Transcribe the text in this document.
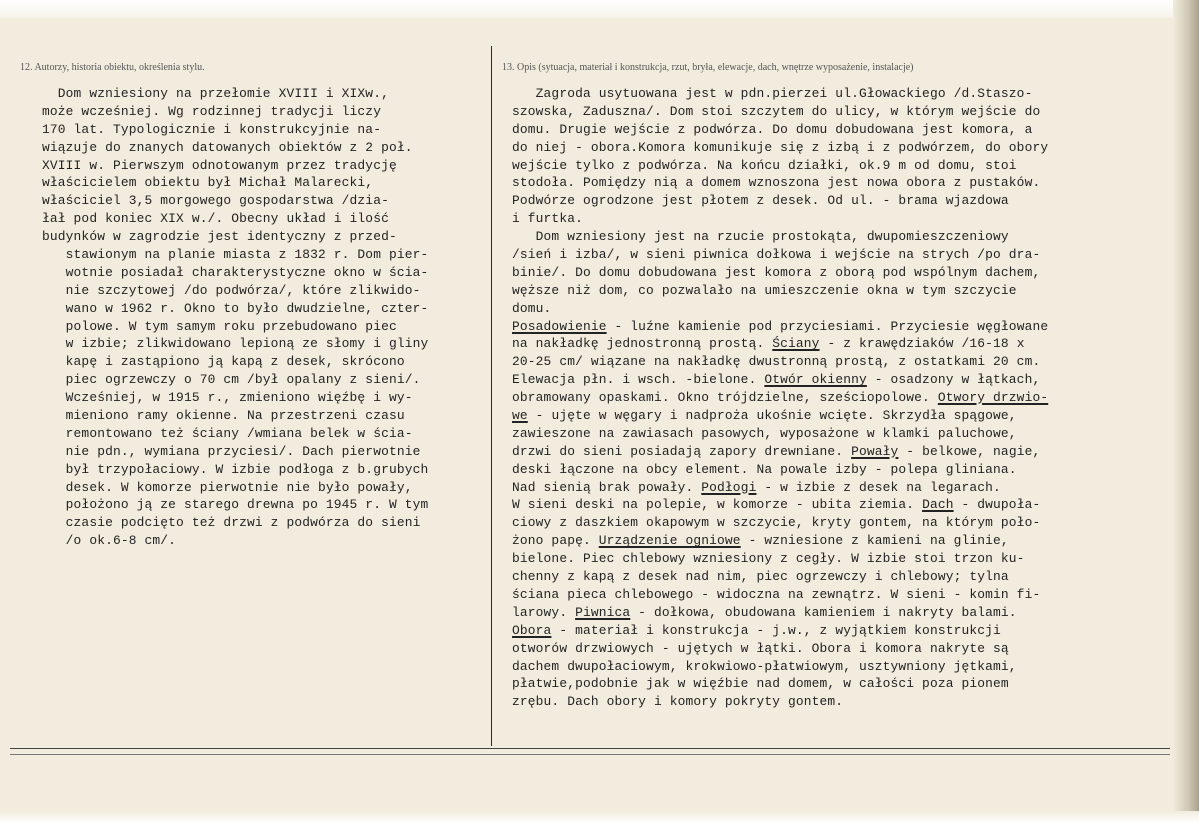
12. Autorzy, historia obiektu, określenia stylu.	13. Opis (sytuacja, materiał i konstrukcja, rzut, bryła, elewacje, dach, wnętrze wyposażenie, instalacje)
Dom wzniesiony na przełomie XVIII i XIXw.,
może wcześniej. Wg rodzinnej tradycji liczy
170 lat. Typologicznie i konstrukcyjnie na-
wiązuje do znanych datowanych obiektów z 2 poł.
XVIII w. Pierwszym odnotowanym przez tradycję
właścicielem obiektu był Michał Malarecki,
właściciel 3,5 morgowego gospodarstwa /dzia-
łał pod koniec XIX w./. Obecny układ i ilość
budynków w zagrodzie jest identyczny z przed-
stawionym na planie miasta z 1832 r. Dom pier-
wotnie posiadał charakterystyczne okno w ścia-
nie szczytowej /do podwórza/, które zlikwido-
wano w 1962 r. Okno to było dwudzielne, czter-
polowe. W tym samym roku przebudowano piec
w izbie; zlikwidowano lepioną ze słomy i gliny
kapę i zastąpiono ją kapą z desek, skrócono
piec ogrzewczy o 70 cm /był opalany z sieni/.
Wcześniej, w 1915 r., zmieniono więźbę i wy-
mieniono ramy okienne. Na przestrzeni czasu
remontowano też ściany /wmiana belek w ścia-
nie pdn., wymiana przyciesi/. Dach pierwotnie
był trzypołaciowy. W izbie podłoga z b.grubych
desek. W komorze pierwotnie nie było powały,
położono ją ze starego drewna po 1945 r. W tym
czasie podcięto też drzwi z podwórza do sieni
/o ok.6-8 cm/.
Zagroda usytuowana jest w pdn.pierzei ul.Głowackiego /d.Staszo-
szowska, Zaduszna/. Dom stoi szczytem do ulicy, w którym wejście do
domu. Drugie wejście z podwórza. Do domu dobudowana jest komora, a
do niej - obora.Komora komunikuje się z izbą i z podwórzem, do obory
wejście tylko z podwórza. Na końcu działki, ok.9 m od domu, stoi
stodoła. Pomiędzy nią a domem wznoszona jest nowa obora z pustaków.
Podwórze ogrodzone jest płotem z desek. Od ul. - brama wjazdowa
i furtka.
Dom wzniesiony jest na rzucie prostokąta, dwupomieszczeniowy
/sień i izba/, w sieni piwnica dołkowa i wejście na strych /po dra-
binie/. Do domu dobudowana jest komora z oborą pod wspólnym dachem,
węższe niż dom, co pozwalało na umieszczenie okna w tym szczycie
domu.
Posadowienie - luźne kamienie pod przyciesiami. Przyciesie węgłowane
na nakładkę jednostronną prostą. Ściany - z krawędziaków /16-18 x
20-25 cm/ wiązane na nakładkę dwustronną prostą, z ostatkami 20 cm.
Elewacja płn. i wsch. -bielone. Otwór okienny - osadzony w łątkach,
obramowany opaskami. Okno trójdzielne, sześciopolowe. Otwory drzwio-
we - ujęte w węgary i nadproża ukośnie wcięte. Skrzydła spągowe,
zawieszone na zawiasach pasowych, wyposażone w klamki paluchowe,
drzwi do sieni posiadają zapory drewniane. Powały - belkowe, nagie,
deski łączone na obcy element. Na powale izby - polepa gliniana.
Nad sienią brak powały. Podłogi - w izbie z desek na legarach.
W sieni deski na polepie, w komorze - ubita ziemia. Dach - dwupoła-
ciowy z daszkiem okapowym w szczycie, kryty gontem, na którym poło-
żono papę. Urządzenie ogniowe - wzniesione z kamieni na glinie,
bielone. Piec chlebowy wzniesiony z cegły. W izbie stoi trzon ku-
chenny z kapą z desek nad nim, piec ogrzewczy i chlebowy; tylna
ściana pieca chlebowego - widoczna na zewnątrz. W sieni - komin fi-
larowy. Piwnica - dołkowa, obudowana kamieniem i nakryty balami.
Obora - materiał i konstrukcja - j.w., z wyjątkiem konstrukcji
otworów drzwiowych - ujętych w łątki. Obora i komora nakryte są
dachem dwupołaciowym, krokwiowo-płatwiowym, usztywniony jętkami,
płatwie,podobnie jak w więźbie nad domem, w całości poza pionem
zrębu. Dach obory i komory pokryty gontem.
